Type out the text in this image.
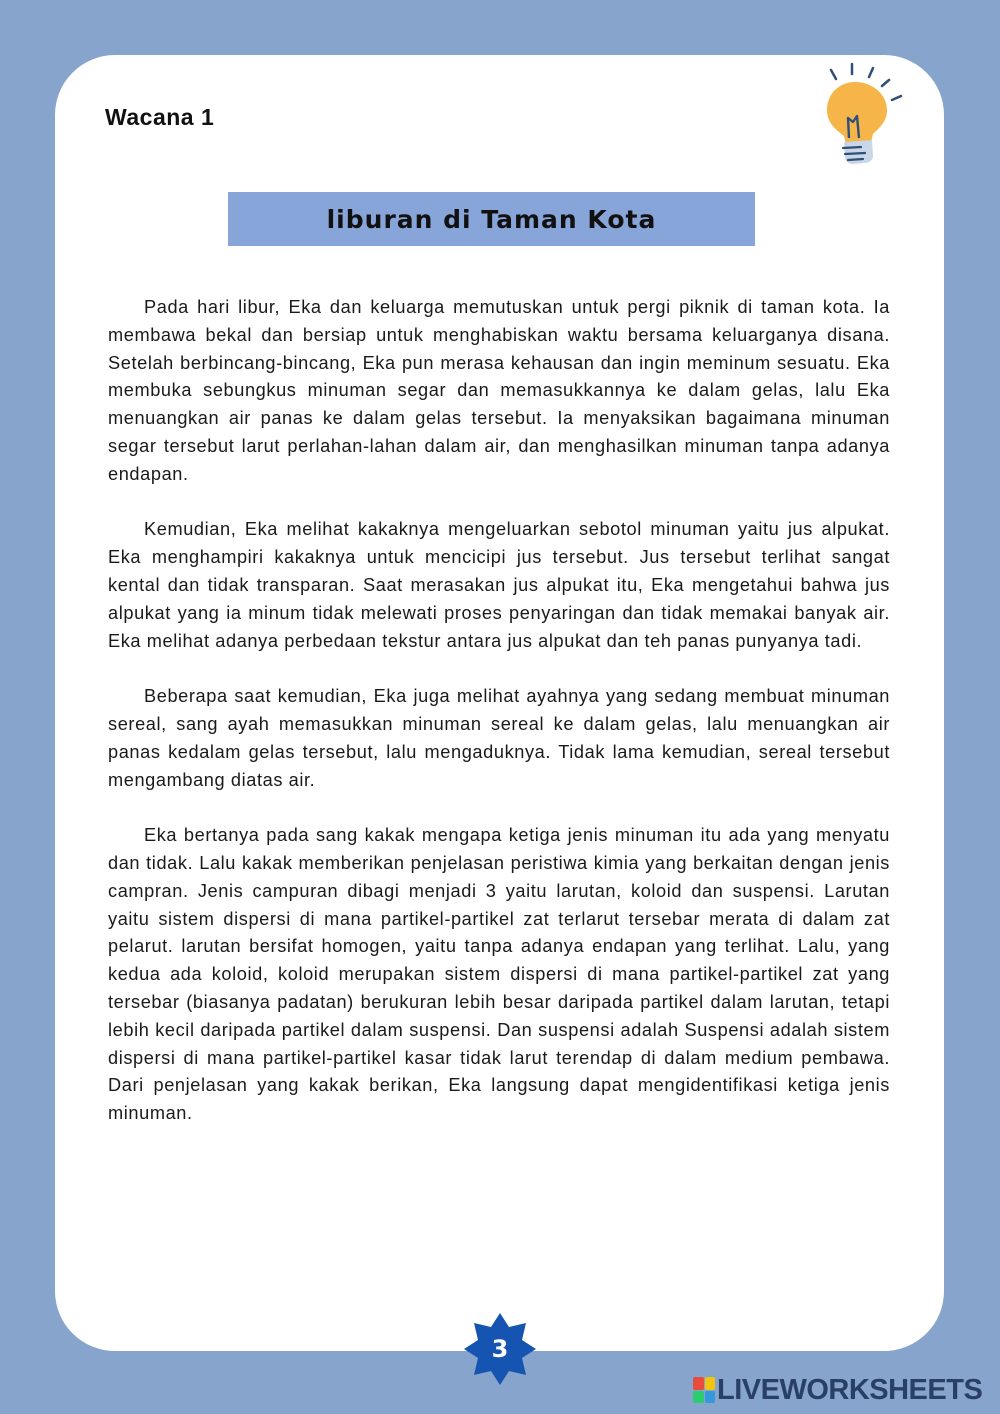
Wacana 1
liburan di Taman Kota

Pada hari libur, Eka dan keluarga memutuskan untuk pergi piknik di taman kota. Ia membawa bekal dan bersiap untuk menghabiskan waktu bersama keluarganya disana. Setelah berbincang-bincang, Eka pun merasa kehausan dan ingin meminum sesuatu. Eka membuka sebungkus minuman segar dan memasukkannya ke dalam gelas, lalu Eka menuangkan air panas ke dalam gelas tersebut. Ia menyaksikan bagaimana minuman segar tersebut larut perlahan-lahan dalam air, dan menghasilkan minuman tanpa adanya endapan.

Kemudian, Eka melihat kakaknya mengeluarkan sebotol minuman yaitu jus alpukat. Eka menghampiri kakaknya untuk mencicipi jus tersebut. Jus tersebut terlihat sangat kental dan tidak transparan. Saat merasakan jus alpukat itu, Eka mengetahui bahwa jus alpukat yang ia minum tidak melewati proses penyaringan dan tidak memakai banyak air. Eka melihat adanya perbedaan tekstur antara jus alpukat dan teh panas punyanya tadi.

Beberapa saat kemudian, Eka juga melihat ayahnya yang sedang membuat minuman sereal, sang ayah memasukkan minuman sereal ke dalam gelas, lalu menuangkan air panas kedalam gelas tersebut, lalu mengaduknya. Tidak lama kemudian, sereal tersebut mengambang diatas air.

Eka bertanya pada sang kakak mengapa ketiga jenis minuman itu ada yang menyatu dan tidak. Lalu kakak memberikan penjelasan peristiwa kimia yang berkaitan dengan jenis campran. Jenis campuran dibagi menjadi 3 yaitu larutan, koloid dan suspensi. Larutan yaitu sistem dispersi di mana partikel-partikel zat terlarut tersebar merata di dalam zat pelarut. larutan bersifat homogen, yaitu tanpa adanya endapan yang terlihat. Lalu, yang kedua ada koloid, koloid merupakan sistem dispersi di mana partikel-partikel zat yang tersebar (biasanya padatan) berukuran lebih besar daripada partikel dalam larutan, tetapi lebih kecil daripada partikel dalam suspensi. Dan suspensi adalah Suspensi adalah sistem dispersi di mana partikel-partikel kasar tidak larut terendap di dalam medium pembawa. Dari penjelasan yang kakak berikan, Eka langsung dapat mengidentifikasi ketiga jenis minuman.

3
LIVEWORKSHEETS
